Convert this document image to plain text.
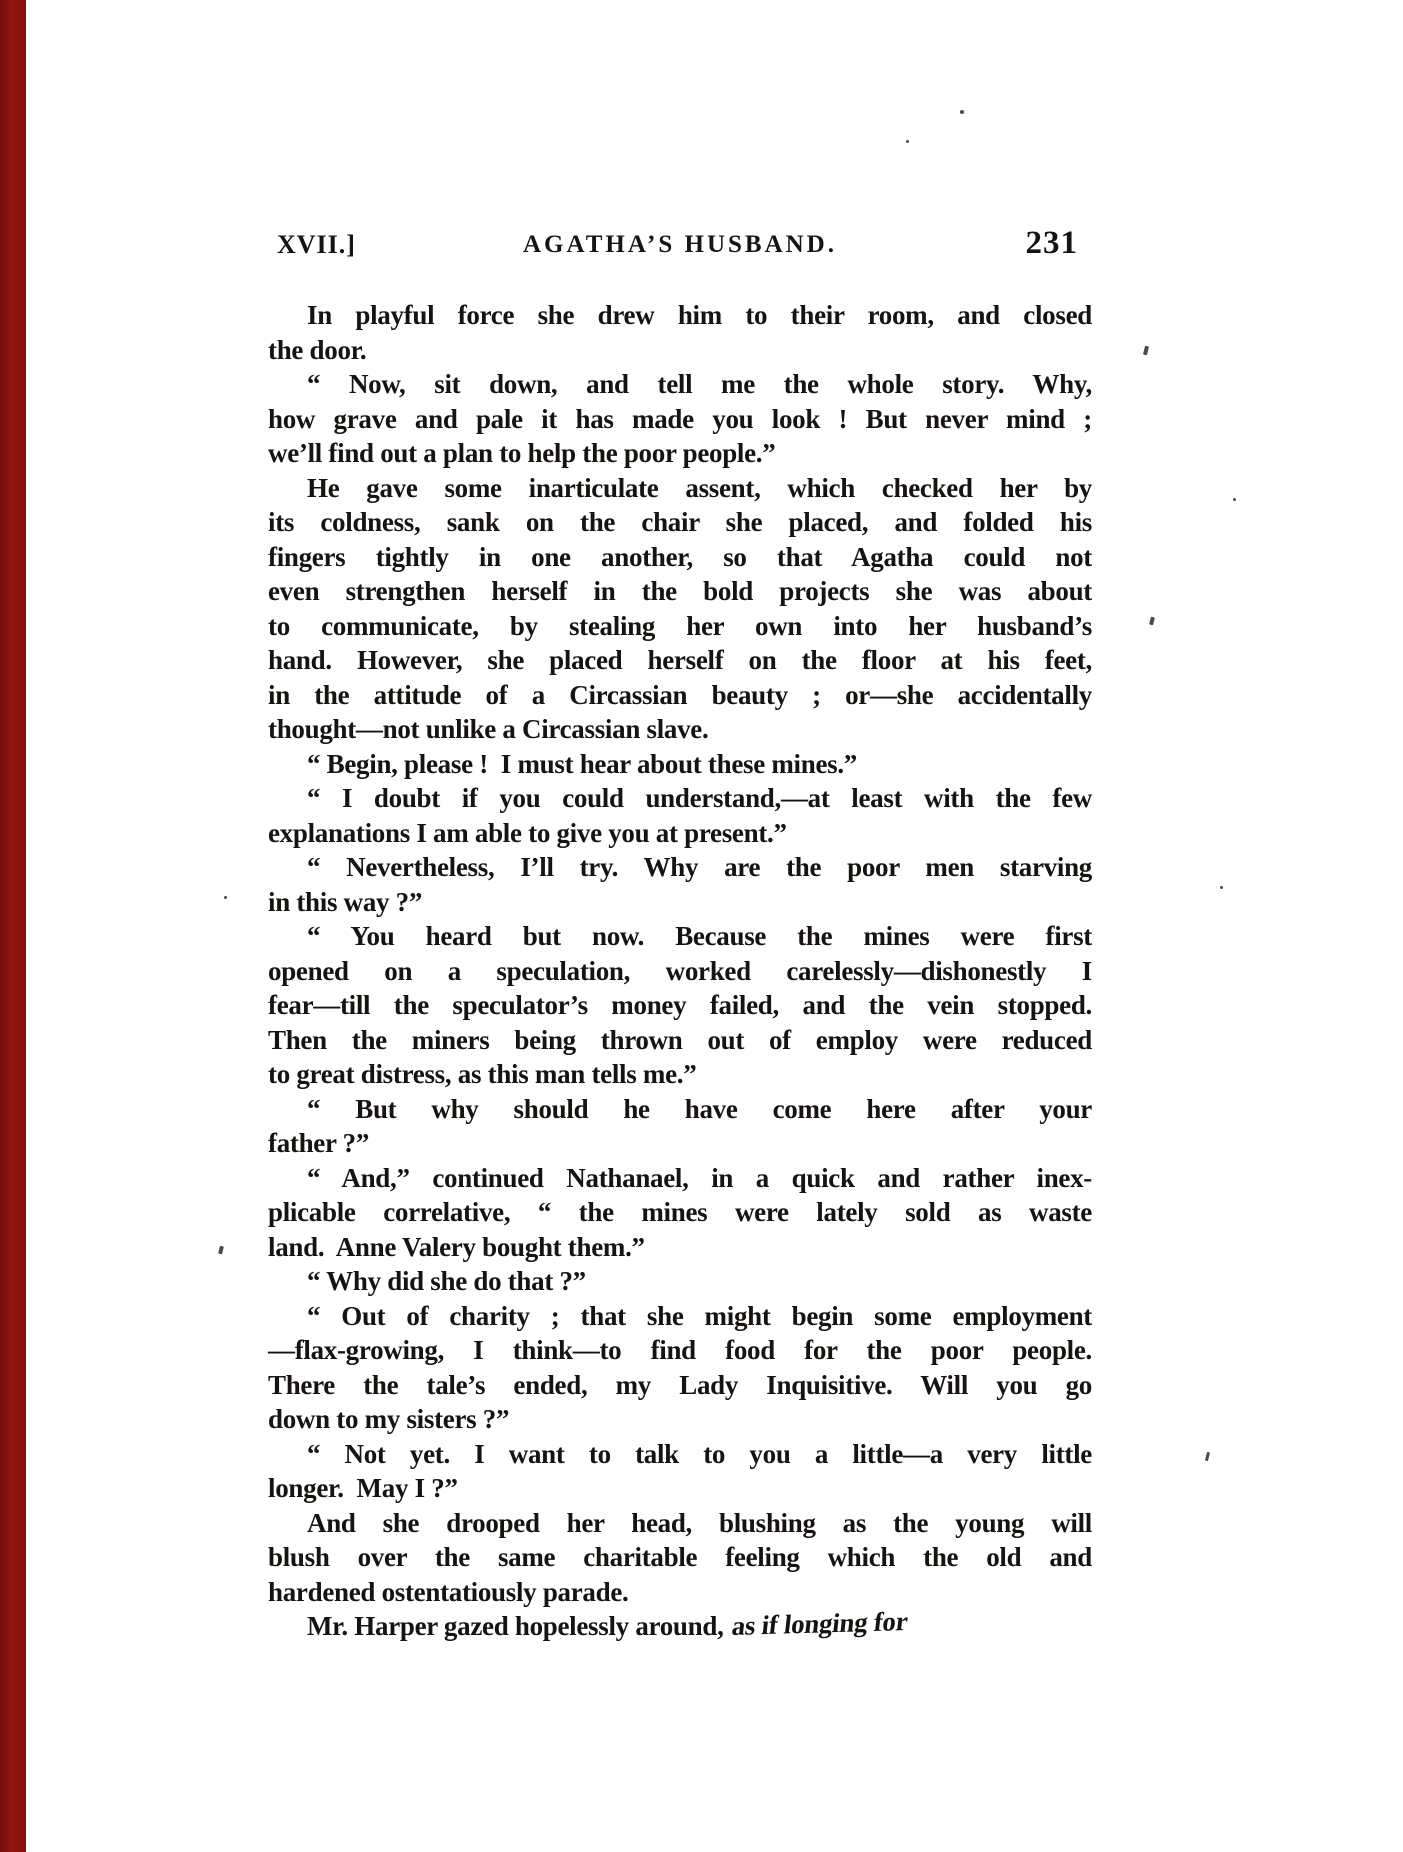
XVII.]	AGATHA’S HUSBAND.	231
In playful force she drew him to their room, and closed
the door.
“ Now, sit down, and tell me the whole story. Why,
how grave and pale it has made you look ! But never mind ;
we’ll find out a plan to help the poor people.”
He gave some inarticulate assent, which checked her by
its coldness, sank on the chair she placed, and folded his
fingers tightly in one another, so that Agatha could not
even strengthen herself in the bold projects she was about
to communicate, by stealing her own into her husband’s
hand. However, she placed herself on the floor at his feet,
in the attitude of a Circassian beauty ; or—she accidentally
thought—not unlike a Circassian slave.
“ Begin, please !  I must hear about these mines.”
“ I doubt if you could understand,—at least with the few
explanations I am able to give you at present.”
“ Nevertheless, I’ll try. Why are the poor men starving
in this way ?”
“ You heard but now. Because the mines were first
opened on a speculation, worked carelessly—dishonestly I
fear—till the speculator’s money failed, and the vein stopped.
Then the miners being thrown out of employ were reduced
to great distress, as this man tells me.”
“ But why should he have come here after your
father ?”
“ And,” continued Nathanael, in a quick and rather inex-
plicable correlative, “ the mines were lately sold as waste
land.  Anne Valery bought them.”
“ Why did she do that ?”
“ Out of charity ; that she might begin some employment
—flax-growing, I think—to find food for the poor people.
There the tale’s ended, my Lady Inquisitive. Will you go
down to my sisters ?”
“ Not yet. I want to talk to you a little—a very little
longer.  May I ?”
And she drooped her head, blushing as the young will
blush over the same charitable feeling which the old and
hardened ostentatiously parade.
Mr. Harper gazed hopelessly around, as if longing for
